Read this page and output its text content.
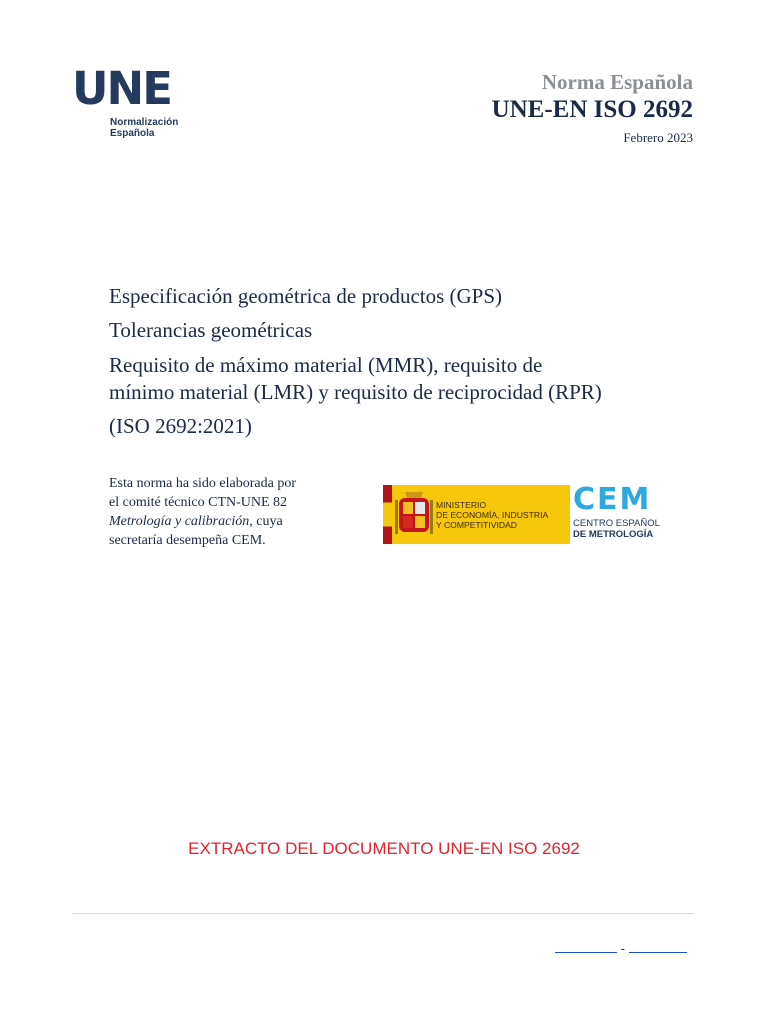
UNE
Normalización
Española
Norma Española
UNE-EN ISO 2692
Febrero 2023
Especificación geométrica de productos (GPS)
Tolerancias geométricas
Requisito de máximo material (MMR), requisito de
mínimo material (LMR) y requisito de reciprocidad (RPR)
(ISO 2692:2021)
Esta norma ha sido elaborada por
el comité técnico CTN-UNE 82
Metrología y calibración, cuya
secretaría desempeña CEM.
MINISTERIO
DE ECONOMÍA, INDUSTRIA
Y COMPETITIVIDAD
CEM
CENTRO ESPAÑOL
DE METROLOGÍA
EXTRACTO DEL DOCUMENTO UNE-EN ISO 2692
-
